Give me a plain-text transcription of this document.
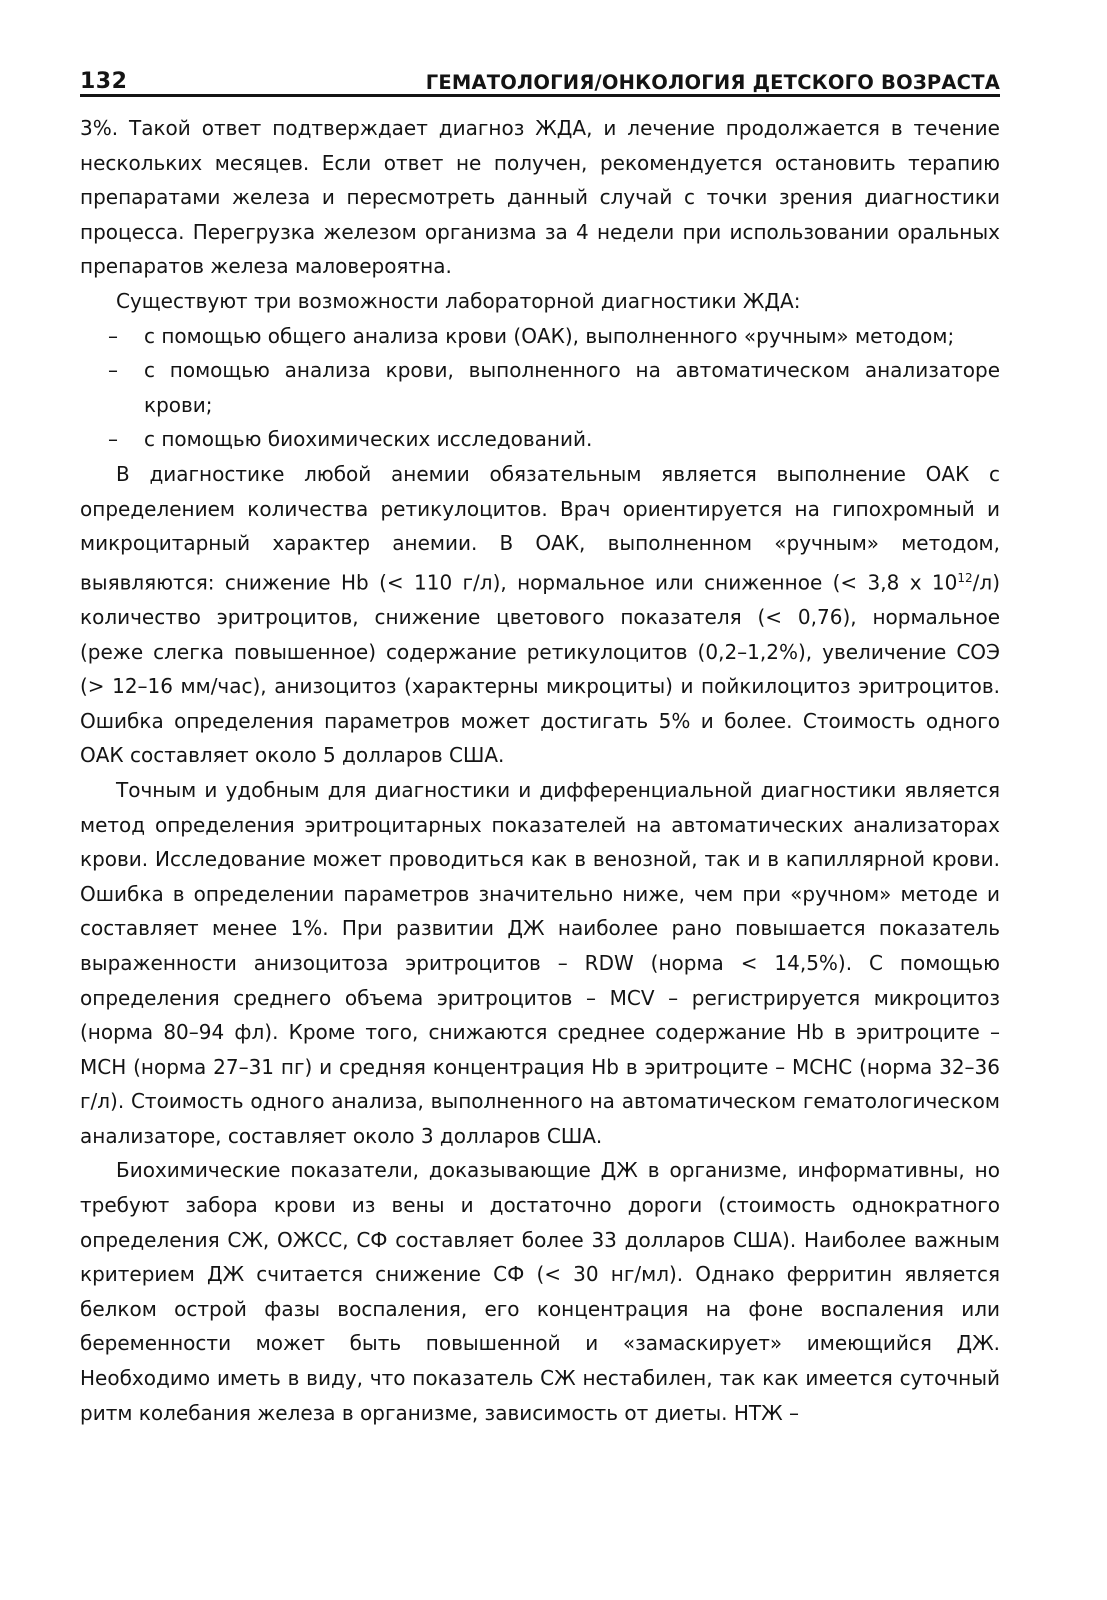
132	ГЕМАТОЛОГИЯ/ОНКОЛОГИЯ ДЕТСКОГО ВОЗРАСТА

3%. Такой ответ подтверждает диагноз ЖДА, и лечение продолжается в течение нескольких месяцев. Если ответ не получен, рекомендуется остановить терапию препаратами железа и пересмотреть данный случай с точки зрения диагностики процесса. Перегрузка железом организма за 4 недели при использовании оральных препаратов железа маловероятна.

Существуют три возможности лабораторной диагностики ЖДА:

– с помощью общего анализа крови (ОАК), выполненного «ручным» методом;
– с помощью анализа крови, выполненного на автоматическом анализаторе крови;
– с помощью биохимических исследований.

В диагностике любой анемии обязательным является выполнение ОАК с определением количества ретикулоцитов. Врач ориентируется на гипохромный и микроцитарный характер анемии. В ОАК, выполненном «ручным» методом, выявляются: снижение Hb (< 110 г/л), нормальное или сниженное (< 3,8 x $10^{12}/л$) количество эритроцитов, снижение цветового показателя (< 0,76), нормальное (реже слегка повышенное) содержание ретикулоцитов (0,2–1,2%), увеличение СОЭ (> 12–16 мм/час), анизоцитоз (характерны микроциты) и пойкилоцитоз эритроцитов. Ошибка определения параметров может достигать 5% и более. Стоимость одного ОАК составляет около 5 долларов США.

Точным и удобным для диагностики и дифференциальной диагностики является метод определения эритроцитарных показателей на автоматических анализаторах крови. Исследование может проводиться как в венозной, так и в капиллярной крови. Ошибка в определении параметров значительно ниже, чем при «ручном» методе и составляет менее 1%. При развитии ДЖ наиболее рано повышается показатель выраженности анизоцитоза эритроцитов – RDW (норма < 14,5%). С помощью определения среднего объема эритроцитов – MCV – регистрируется микроцитоз (норма 80–94 фл). Кроме того, снижаются среднее содержание Hb в эритроците – МСН (норма 27–31 пг) и средняя концентрация Hb в эритроците – МСНС (норма 32–36 г/л). Стоимость одного анализа, выполненного на автоматическом гематологическом анализаторе, составляет около 3 долларов США.

Биохимические показатели, доказывающие ДЖ в организме, информативны, но требуют забора крови из вены и достаточно дороги (стоимость однократного определения СЖ, ОЖСС, СФ составляет более 33 долларов США). Наиболее важным критерием ДЖ считается снижение СФ (< 30 нг/мл). Однако ферритин является белком острой фазы воспаления, его концентрация на фоне воспаления или беременности может быть повышенной и «замаскирует» имеющийся ДЖ. Необходимо иметь в виду, что показатель СЖ нестабилен, так как имеется суточный ритм колебания железа в организме, зависимость от диеты. НТЖ –
